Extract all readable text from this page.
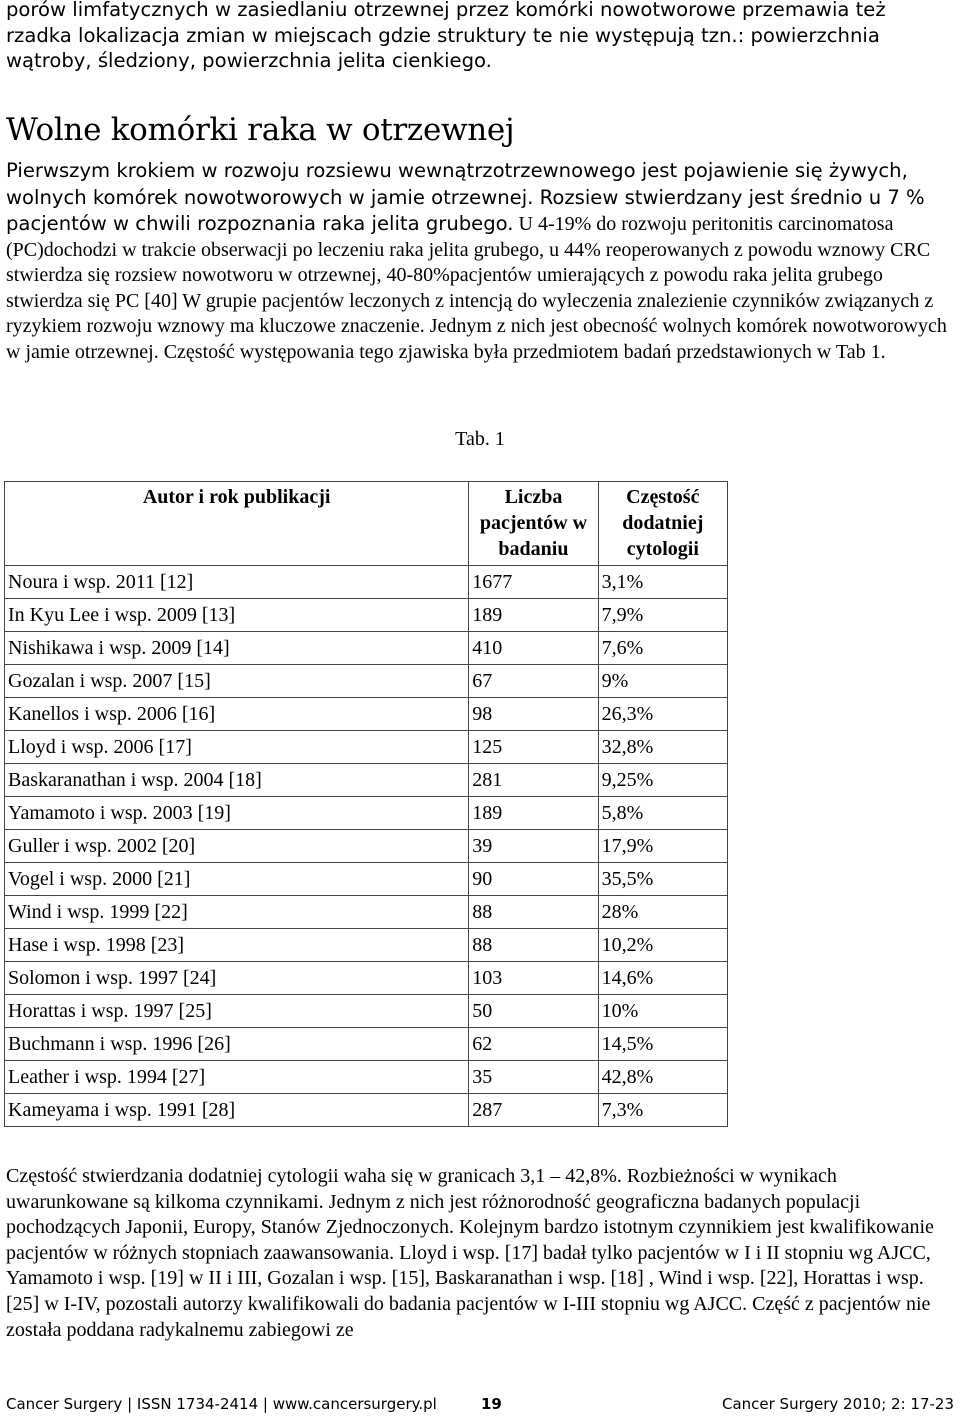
porów limfatycznych w zasiedlaniu otrzewnej przez komórki nowotworowe przemawia też rzadka lokalizacja zmian w miejscach gdzie struktury te nie występują tzn.: powierzchnia wątroby, śledziony, powierzchnia jelita cienkiego.

Wolne komórki raka w otrzewnej

Pierwszym krokiem w rozwoju rozsiewu wewnątrzotrzewnowego jest pojawienie się żywych, wolnych komórek nowotworowych w jamie otrzewnej. Rozsiew stwierdzany jest średnio u 7 % pacjentów w chwili rozpoznania raka jelita grubego. U 4-19% do rozwoju peritonitis carcinomatosa (PC)dochodzi w trakcie obserwacji po leczeniu raka jelita grubego, u 44% reoperowanych z powodu wznowy CRC stwierdza się rozsiew nowotworu w otrzewnej, 40-80%pacjentów umierających z powodu raka jelita grubego stwierdza się PC [40] W grupie pacjentów leczonych z intencją do wyleczenia znalezienie czynników związanych z ryzykiem rozwoju wznowy ma kluczowe znaczenie. Jednym z nich jest obecność wolnych komórek nowotworowych w jamie otrzewnej. Częstość występowania tego zjawiska była przedmiotem badań przedstawionych w Tab 1.

Tab. 1

Autor i rok publikacji	Liczba pacjentów w badaniu	Częstość dodatniej cytologii
Noura i wsp. 2011 [12]	1677	3,1%
In Kyu Lee i wsp. 2009 [13]	189	7,9%
Nishikawa i wsp. 2009 [14]	410	7,6%
Gozalan i wsp. 2007 [15]	67	9%
Kanellos i wsp. 2006 [16]	98	26,3%
Lloyd i wsp. 2006 [17]	125	32,8%
Baskaranathan i wsp. 2004 [18]	281	9,25%
Yamamoto i wsp. 2003 [19]	189	5,8%
Guller i wsp. 2002 [20]	39	17,9%
Vogel i wsp. 2000 [21]	90	35,5%
Wind i wsp. 1999 [22]	88	28%
Hase i wsp. 1998 [23]	88	10,2%
Solomon i wsp. 1997 [24]	103	14,6%
Horattas i wsp. 1997 [25]	50	10%
Buchmann i wsp. 1996 [26]	62	14,5%
Leather i wsp. 1994 [27]	35	42,8%
Kameyama i wsp. 1991 [28]	287	7,3%

Częstość stwierdzania dodatniej cytologii waha się w granicach 3,1 – 42,8%. Rozbieżności w wynikach uwarunkowane są kilkoma czynnikami. Jednym z nich jest różnorodność geograficzna badanych populacji pochodzących Japonii, Europy, Stanów Zjednoczonych. Kolejnym bardzo istotnym czynnikiem jest kwalifikowanie pacjentów w różnych stopniach zaawansowania. Lloyd i wsp. [17] badał tylko pacjentów w I i II stopniu wg AJCC, Yamamoto i wsp. [19] w II i III, Gozalan i wsp. [15], Baskaranathan i wsp. [18] , Wind i wsp. [22], Horattas i wsp. [25] w I-IV, pozostali autorzy kwalifikowali do badania pacjentów w I-III stopniu wg AJCC. Część z pacjentów nie została poddana radykalnemu zabiegowi ze

Cancer Surgery | ISSN 1734-2414 | www.cancersurgery.pl	19	Cancer Surgery 2010; 2: 17-23
